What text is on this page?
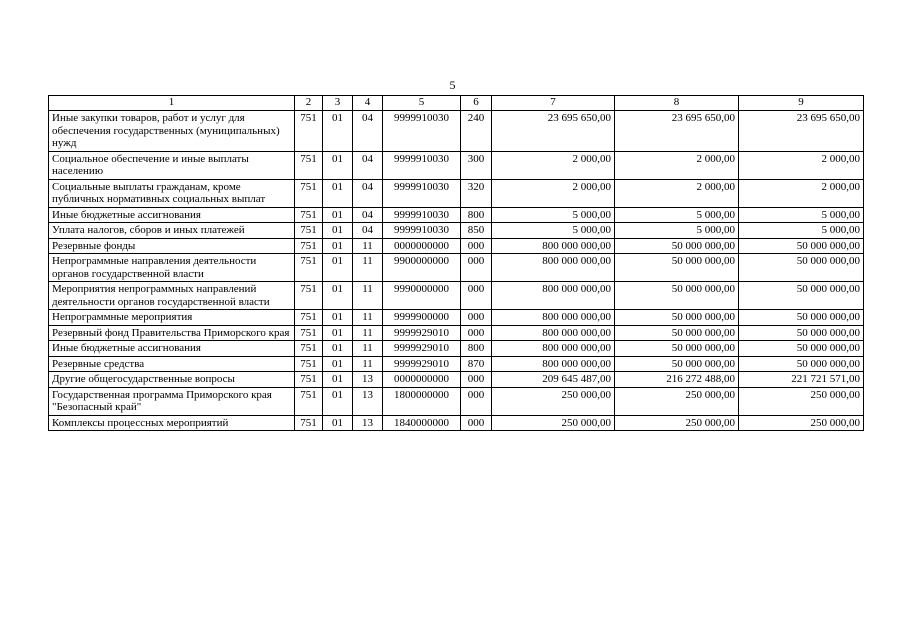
5
1	2	3	4	5	6	7	8	9
Иные закупки товаров, работ и услуг для обеспечения государственных (муниципальных) нужд	751	01	04	9999910030	240	23 695 650,00	23 695 650,00	23 695 650,00
Социальное обеспечение и иные выплаты населению	751	01	04	9999910030	300	2 000,00	2 000,00	2 000,00
Социальные выплаты гражданам, кроме публичных нормативных социальных выплат	751	01	04	9999910030	320	2 000,00	2 000,00	2 000,00
Иные бюджетные ассигнования	751	01	04	9999910030	800	5 000,00	5 000,00	5 000,00
Уплата налогов, сборов и иных платежей	751	01	04	9999910030	850	5 000,00	5 000,00	5 000,00
Резервные фонды	751	01	11	0000000000	000	800 000 000,00	50 000 000,00	50 000 000,00
Непрограммные направления деятельности органов государственной власти	751	01	11	9900000000	000	800 000 000,00	50 000 000,00	50 000 000,00
Мероприятия непрограммных направлений деятельности органов государственной власти	751	01	11	9990000000	000	800 000 000,00	50 000 000,00	50 000 000,00
Непрограммные мероприятия	751	01	11	9999900000	000	800 000 000,00	50 000 000,00	50 000 000,00
Резервный фонд Правительства Приморского края	751	01	11	9999929010	000	800 000 000,00	50 000 000,00	50 000 000,00
Иные бюджетные ассигнования	751	01	11	9999929010	800	800 000 000,00	50 000 000,00	50 000 000,00
Резервные средства	751	01	11	9999929010	870	800 000 000,00	50 000 000,00	50 000 000,00
Другие общегосударственные вопросы	751	01	13	0000000000	000	209 645 487,00	216 272 488,00	221 721 571,00
Государственная программа Приморского края "Безопасный край"	751	01	13	1800000000	000	250 000,00	250 000,00	250 000,00
Комплексы процессных мероприятий	751	01	13	1840000000	000	250 000,00	250 000,00	250 000,00
